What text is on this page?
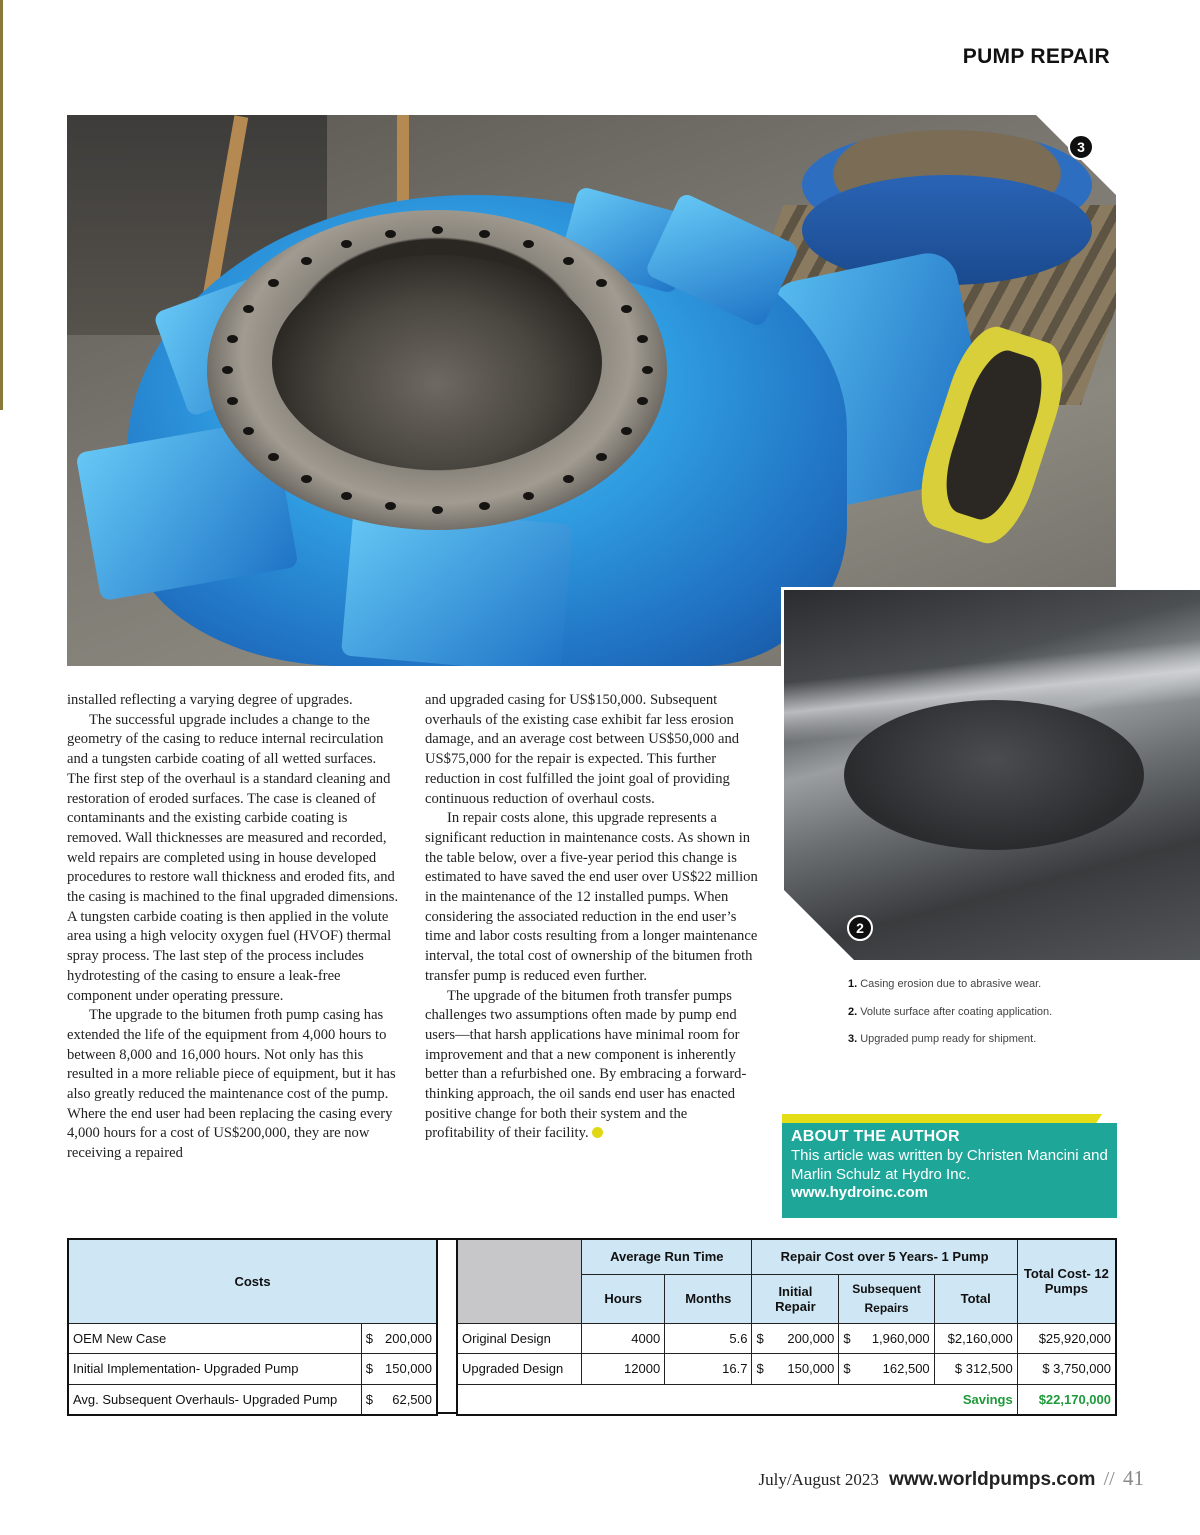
PUMP REPAIR
3
2
1. Casing erosion due to abrasive wear.
2. Volute surface after coating application.
3. Upgraded pump ready for shipment.
ABOUT THE AUTHOR
This article was written by Christen Mancini and Marlin Schulz at Hydro Inc.
www.hydroinc.com

installed reflecting a varying degree of upgrades.

The successful upgrade includes a change to the geometry of the casing to reduce internal recirculation and a tungsten carbide coating of all wetted surfaces. The first step of the overhaul is a standard cleaning and restoration of eroded surfaces. The case is cleaned of contaminants and the existing carbide coating is removed. Wall thicknesses are measured and recorded, weld repairs are completed using in house developed procedures to restore wall thickness and eroded fits, and the casing is machined to the final upgraded dimensions. A tungsten carbide coating is then applied in the volute area using a high velocity oxygen fuel (HVOF) thermal spray process. The last step of the process includes hydrotesting of the casing to ensure a leak-free component under operating pressure.

The upgrade to the bitumen froth pump casing has extended the life of the equipment from 4,000 hours to between 8,000 and 16,000 hours. Not only has this resulted in a more reliable piece of equipment, but it has also greatly reduced the maintenance cost of the pump. Where the end user had been replacing the casing every 4,000 hours for a cost of US$200,000, they are now receiving a repaired

and upgraded casing for US$150,000. Subsequent overhauls of the existing case exhibit far less erosion damage, and an average cost between US$50,000 and US$75,000 for the repair is expected. This further reduction in cost fulfilled the joint goal of providing continuous reduction of overhaul costs.

In repair costs alone, this upgrade represents a significant reduction in maintenance costs. As shown in the table below, over a five-year period this change is estimated to have saved the end user over US$22 million in the maintenance of the 12 installed pumps. When considering the associated reduction in the end user’s time and labor costs resulting from a longer maintenance interval, the total cost of ownership of the bitumen froth transfer pump is reduced even further.

The upgrade of the bitumen froth transfer pumps challenges two assumptions often made by pump end users—that harsh applications have minimal room for improvement and that a new component is inherently better than a refurbished one. By embracing a forward-thinking approach, the oil sands end user has enacted positive change for both their system and the profitability of their facility.

Costs		
OEM New Case	$	200,000
Initial Implementation- Upgraded Pump	$	150,000
Avg. Subsequent Overhauls- Upgraded Pump	$	62,500
	Average Run Time		Repair Cost over 5 Years- 1 Pump					Total Cost- 12 Pumps
	Hours	Months	Initial Repair		Subsequent Repairs		Total	
Original Design	4000	5.6	$	200,000	$	1,960,000	$2,160,000	$25,920,000
Upgraded Design	12000	16.7	$	150,000	$	162,500	$ 312,500	$ 3,750,000
Savings								$22,170,000
July/August 2023 www.worldpumps.com // 41
